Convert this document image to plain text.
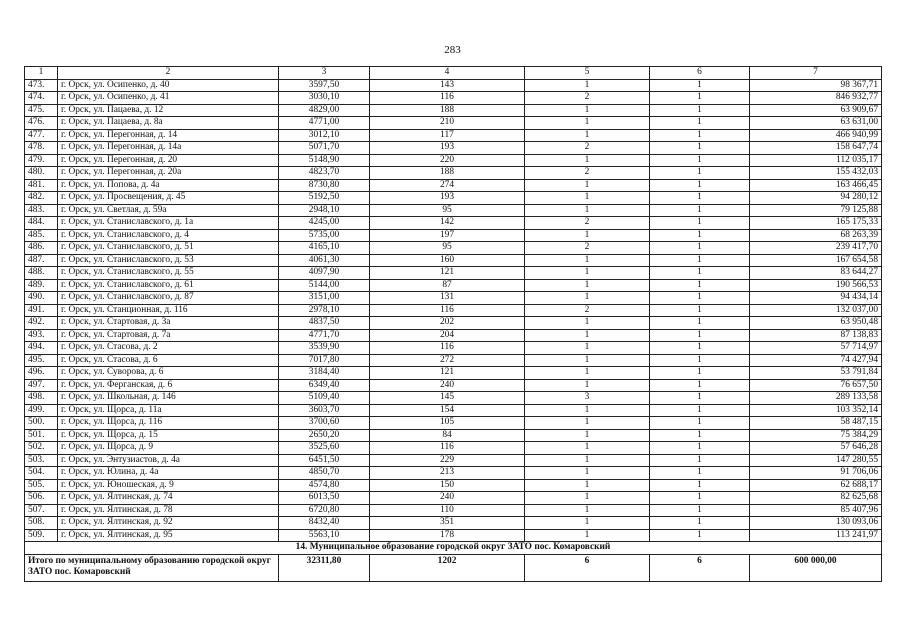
283
1	2	3	4	5	6	7
473.	г. Орск, ул. Осипенко, д. 40	3597,50	143	1	1	98 367,71
474.	г. Орск, ул. Осипенко, д. 41	3030,10	116	2	1	846 932,77
475.	г. Орск, ул. Пацаева, д. 12	4829,00	188	1	1	63 909,67
476.	г. Орск, ул. Пацаева, д. 8а	4771,00	210	1	1	63 631,00
477.	г. Орск, ул. Перегонная, д. 14	3012,10	117	1	1	466 940,99
478.	г. Орск, ул. Перегонная, д. 14а	5071,70	193	2	1	158 647,74
479.	г. Орск, ул. Перегонная, д. 20	5148,90	220	1	1	112 035,17
480.	г. Орск, ул. Перегонная, д. 20а	4823,70	188	2	1	155 432,03
481.	г. Орск, ул. Попова, д. 4а	8730,80	274	1	1	163 466,45
482.	г. Орск, ул. Просвещения, д. 45	5192,50	193	1	1	94 280,12
483.	г. Орск, ул. Светлая, д. 59а	2948,10	95	1	1	79 125,88
484.	г. Орск, ул. Станиславского, д. 1а	4245,00	142	2	1	165 175,33
485.	г. Орск, ул. Станиславского, д. 4	5735,00	197	1	1	68 263,39
486.	г. Орск, ул. Станиславского, д. 51	4165,10	95	2	1	239 417,70
487.	г. Орск, ул. Станиславского, д. 53	4061,30	160	1	1	167 654,58
488.	г. Орск, ул. Станиславского, д. 55	4097,90	121	1	1	83 644,27
489.	г. Орск, ул. Станиславского, д. 61	5144,00	87	1	1	190 566,53
490.	г. Орск, ул. Станиславского, д. 87	3151,00	131	1	1	94 434,14
491.	г. Орск, ул. Станционная, д. 116	2978,10	116	2	1	132 037,00
492.	г. Орск, ул. Стартовая, д. 3а	4837,50	202	1	1	63 950,48
493.	г. Орск, ул. Стартовая, д. 7а	4771,70	204	1	1	87 138,83
494.	г. Орск, ул. Стасова, д. 2	3539,90	116	1	1	57 714,97
495.	г. Орск, ул. Стасова, д. 6	7017,80	272	1	1	74 427,94
496.	г. Орск, ул. Суворова, д. 6	3184,40	121	1	1	53 791,84
497.	г. Орск, ул. Ферганская, д. 6	6349,40	240	1	1	76 657,50
498.	г. Орск, ул. Школьная, д. 146	5109,40	145	3	1	289 133,58
499.	г. Орск, ул. Щорса, д. 11а	3603,70	154	1	1	103 352,14
500.	г. Орск, ул. Щорса, д. 116	3700,60	105	1	1	58 487,15
501.	г. Орск, ул. Щорса, д. 15	2650,20	84	1	1	75 384,29
502.	г. Орск, ул. Щорса, д. 9	3525,60	116	1	1	57 646,28
503.	г. Орск, ул. Энтузиастов, д. 4а	6451,50	229	1	1	147 280,55
504.	г. Орск, ул. Юлина, д. 4а	4850,70	213	1	1	91 706,06
505.	г. Орск, ул. Юношеская, д. 9	4574,80	150	1	1	62 688,17
506.	г. Орск, ул. Ялтинская, д. 74	6013,50	240	1	1	82 625,68
507.	г. Орск, ул. Ялтинская, д. 78	6720,80	110	1	1	85 407,96
508.	г. Орск, ул. Ялтинская, д. 92	8432,40	351	1	1	130 093,06
509.	г. Орск, ул. Ялтинская, д. 95	5563,10	178	1	1	113 241,97
14. Муниципальное образование городской округ ЗАТО пос. Комаровский						
Итого по муниципальному образованию городской округ ЗАТО пос. Комаровский		32311,80	1202	6	6	600 000,00
